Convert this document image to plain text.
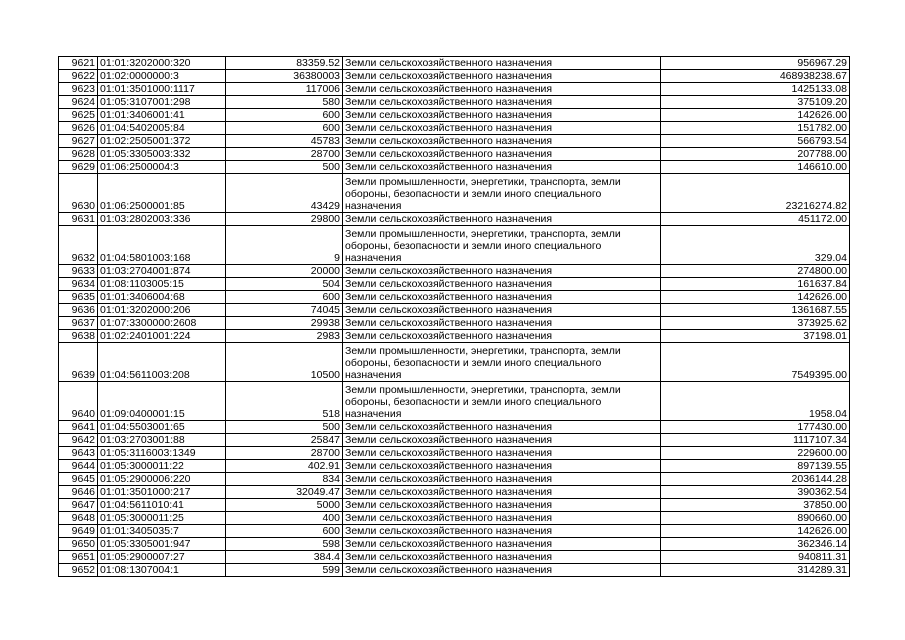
9621	01:01:3202000:320	83359.52	Земли сельскохозяйственного назначения	956967.29
9622	01:02:0000000:3	36380003	Земли сельскохозяйственного назначения	468938238.67
9623	01:01:3501000:1117	117006	Земли сельскохозяйственного назначения	1425133.08
9624	01:05:3107001:298	580	Земли сельскохозяйственного назначения	375109.20
9625	01:01:3406001:41	600	Земли сельскохозяйственного назначения	142626.00
9626	01:04:5402005:84	600	Земли сельскохозяйственного назначения	151782.00
9627	01:02:2505001:372	45783	Земли сельскохозяйственного назначения	566793.54
9628	01:05:3305003:332	28700	Земли сельскохозяйственного назначения	207788.00
9629	01:06:2500004:3	500	Земли сельскохозяйственного назначения	146610.00
9630	01:06:2500001:85	43429	Земли промышленности, энергетики, транспорта, земли
обороны, безопасности и земли иного специального
назначения	23216274.82
9631	01:03:2802003:336	29800	Земли сельскохозяйственного назначения	451172.00
9632	01:04:5801003:168	9	Земли промышленности, энергетики, транспорта, земли
обороны, безопасности и земли иного специального
назначения	329.04
9633	01:03:2704001:874	20000	Земли сельскохозяйственного назначения	274800.00
9634	01:08:1103005:15	504	Земли сельскохозяйственного назначения	161637.84
9635	01:01:3406004:68	600	Земли сельскохозяйственного назначения	142626.00
9636	01:01:3202000:206	74045	Земли сельскохозяйственного назначения	1361687.55
9637	01:07:3300000:2608	29938	Земли сельскохозяйственного назначения	373925.62
9638	01:02:2401001:224	2983	Земли сельскохозяйственного назначения	37198.01
9639	01:04:5611003:208	10500	Земли промышленности, энергетики, транспорта, земли
обороны, безопасности и земли иного специального
назначения	7549395.00
9640	01:09:0400001:15	518	Земли промышленности, энергетики, транспорта, земли
обороны, безопасности и земли иного специального
назначения	1958.04
9641	01:04:5503001:65	500	Земли сельскохозяйственного назначения	177430.00
9642	01:03:2703001:88	25847	Земли сельскохозяйственного назначения	1117107.34
9643	01:05:3116003:1349	28700	Земли сельскохозяйственного назначения	229600.00
9644	01:05:3000011:22	402.91	Земли сельскохозяйственного назначения	897139.55
9645	01:05:2900006:220	834	Земли сельскохозяйственного назначения	2036144.28
9646	01:01:3501000:217	32049.47	Земли сельскохозяйственного назначения	390362.54
9647	01:04:5611010:41	5000	Земли сельскохозяйственного назначения	37850.00
9648	01:05:3000011:25	400	Земли сельскохозяйственного назначения	890660.00
9649	01:01:3405035:7	600	Земли сельскохозяйственного назначения	142626.00
9650	01:05:3305001:947	598	Земли сельскохозяйственного назначения	362346.14
9651	01:05:2900007:27	384.4	Земли сельскохозяйственного назначения	940811.31
9652	01:08:1307004:1	599	Земли сельскохозяйственного назначения	314289.31
